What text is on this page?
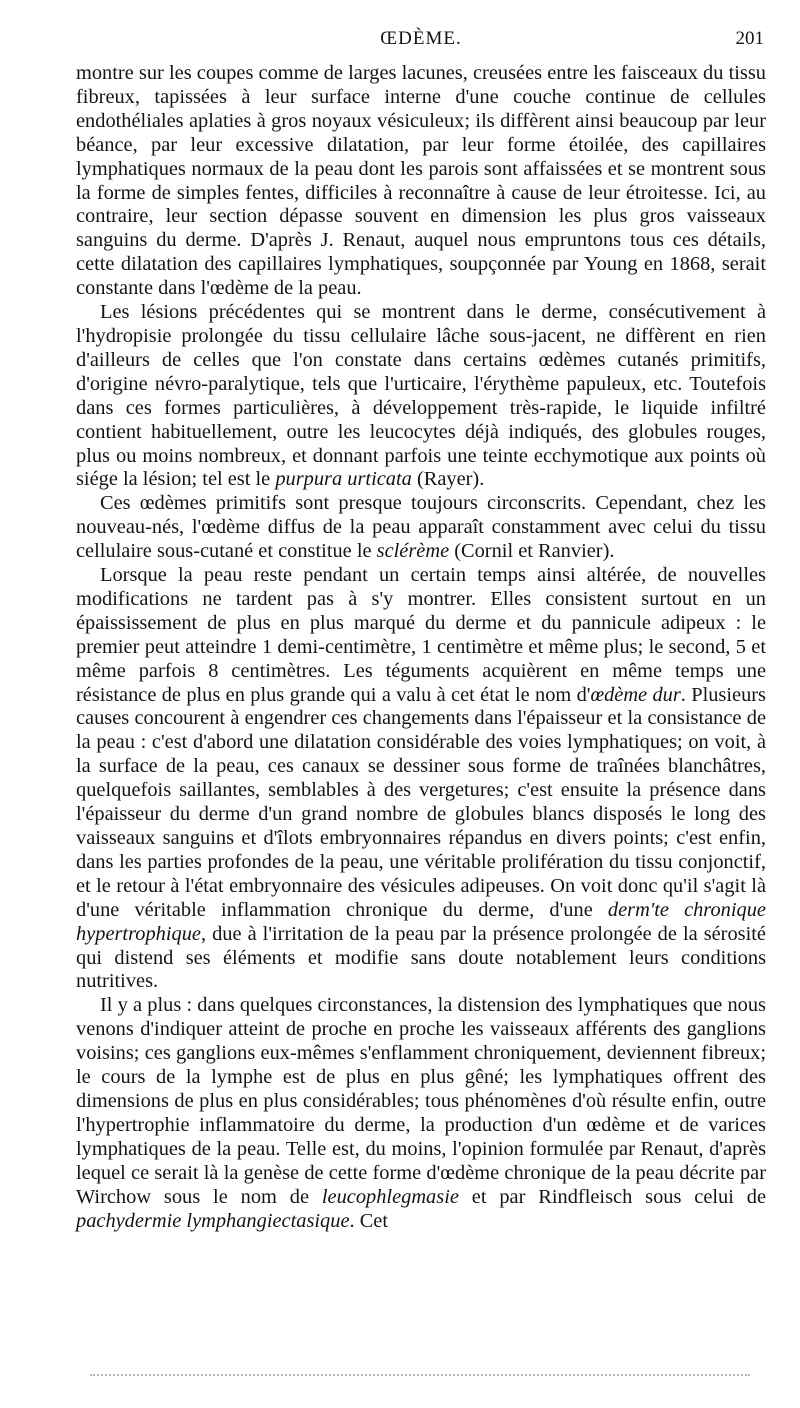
ŒDÈME.	201

montre sur les coupes comme de larges lacunes, creusées entre les faisceaux du tissu fibreux, tapissées à leur surface interne d'une couche continue de cellules endothéliales aplaties à gros noyaux vésiculeux; ils diffèrent ainsi beaucoup par leur béance, par leur excessive dilatation, par leur forme étoilée, des capillaires lymphatiques normaux de la peau dont les parois sont affaissées et se montrent sous la forme de simples fentes, difficiles à reconnaître à cause de leur étroitesse. Ici, au contraire, leur section dépasse souvent en dimension les plus gros vaisseaux sanguins du derme. D'après J. Renaut, auquel nous empruntons tous ces détails, cette dilatation des capillaires lymphatiques, soupçonnée par Young en 1868, serait constante dans l'œdème de la peau.

Les lésions précédentes qui se montrent dans le derme, consécutivement à l'hydropisie prolongée du tissu cellulaire lâche sous-jacent, ne diffèrent en rien d'ailleurs de celles que l'on constate dans certains œdèmes cutanés primitifs, d'origine névro-paralytique, tels que l'urticaire, l'érythème papuleux, etc. Toutefois dans ces formes particulières, à développement très-rapide, le liquide infiltré contient habituellement, outre les leucocytes déjà indiqués, des globules rouges, plus ou moins nombreux, et donnant parfois une teinte ecchymotique aux points où siége la lésion; tel est le purpura urticata (Rayer).

Ces œdèmes primitifs sont presque toujours circonscrits. Cependant, chez les nouveau-nés, l'œdème diffus de la peau apparaît constamment avec celui du tissu cellulaire sous-cutané et constitue le sclérème (Cornil et Ranvier).

Lorsque la peau reste pendant un certain temps ainsi altérée, de nouvelles modifications ne tardent pas à s'y montrer. Elles consistent surtout en un épaississement de plus en plus marqué du derme et du pannicule adipeux : le premier peut atteindre 1 demi-centimètre, 1 centimètre et même plus; le second, 5 et même parfois 8 centimètres. Les téguments acquièrent en même temps une résistance de plus en plus grande qui a valu à cet état le nom d'œdème dur. Plusieurs causes concourent à engendrer ces changements dans l'épaisseur et la consistance de la peau : c'est d'abord une dilatation considérable des voies lymphatiques; on voit, à la surface de la peau, ces canaux se dessiner sous forme de traînées blanchâtres, quelquefois saillantes, semblables à des vergetures; c'est ensuite la présence dans l'épaisseur du derme d'un grand nombre de globules blancs disposés le long des vaisseaux sanguins et d'îlots embryonnaires répandus en divers points; c'est enfin, dans les parties profondes de la peau, une véritable prolifération du tissu conjonctif, et le retour à l'état embryonnaire des vésicules adipeuses. On voit donc qu'il s'agit là d'une véritable inflammation chronique du derme, d'une derm'te chronique hypertrophique, due à l'irritation de la peau par la présence prolongée de la sérosité qui distend ses éléments et modifie sans doute notablement leurs conditions nutritives.

Il y a plus : dans quelques circonstances, la distension des lymphatiques que nous venons d'indiquer atteint de proche en proche les vaisseaux afférents des ganglions voisins; ces ganglions eux-mêmes s'enflamment chroniquement, deviennent fibreux; le cours de la lymphe est de plus en plus gêné; les lymphatiques offrent des dimensions de plus en plus considérables; tous phénomènes d'où résulte enfin, outre l'hypertrophie inflammatoire du derme, la production d'un œdème et de varices lymphatiques de la peau. Telle est, du moins, l'opinion formulée par Renaut, d'après lequel ce serait là la genèse de cette forme d'œdème chronique de la peau décrite par Wirchow sous le nom de leucophlegmasie et par Rindfleisch sous celui de pachydermie lymphangiectasique. Cet
